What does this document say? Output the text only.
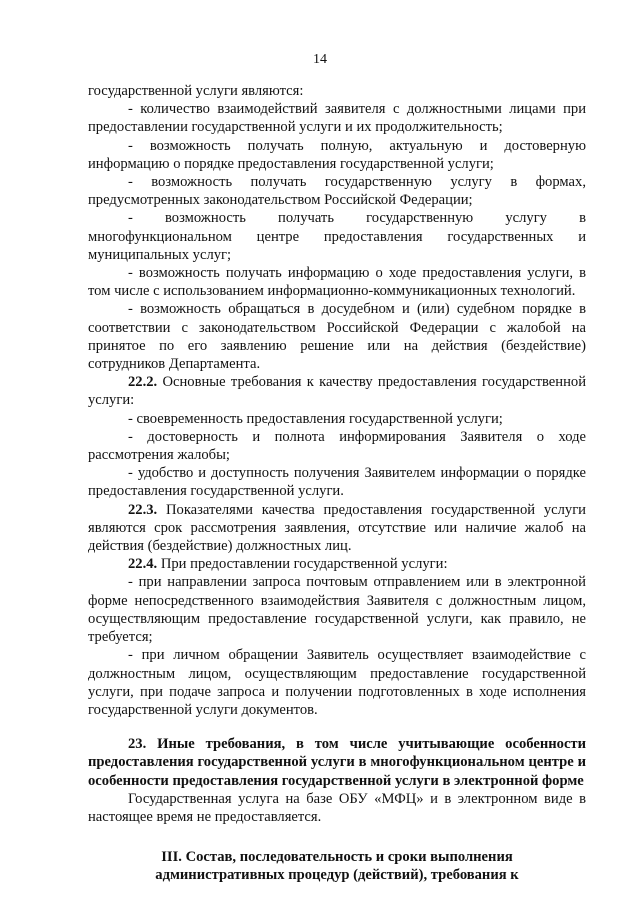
14

государственной услуги являются:

- количество взаимодействий заявителя с должностными лицами при предоставлении государственной услуги и их продолжительность;

- возможность получать полную, актуальную и достоверную информацию о порядке предоставления государственной услуги;

- возможность получать государственную услугу в формах, предусмотренных законодательством Российской Федерации;

- возможность получать государственную услугу в многофункциональном центре предоставления государственных и муниципальных услуг;

- возможность получать информацию о ходе предоставления услуги, в том числе с использованием информационно-коммуникационных технологий.

- возможность обращаться в досудебном и (или) судебном порядке в соответствии с законодательством Российской Федерации с жалобой на принятое по его заявлению решение или на действия (бездействие) сотрудников Департамента.

22.2. Основные требования к качеству предоставления государственной услуги:

- своевременность предоставления государственной услуги;

- достоверность и полнота информирования Заявителя о ходе рассмотрения жалобы;

- удобство и доступность получения Заявителем информации о порядке предоставления государственной услуги.

22.3. Показателями качества предоставления государственной услуги являются срок рассмотрения заявления, отсутствие или наличие жалоб на действия (бездействие) должностных лиц.

22.4. При предоставлении государственной услуги:

- при направлении запроса почтовым отправлением или в электронной форме непосредственного взаимодействия Заявителя с должностным лицом, осуществляющим предоставление государственной услуги, как правило, не требуется;

- при личном обращении Заявитель осуществляет взаимодействие с должностным лицом, осуществляющим предоставление государственной услуги, при подаче запроса и получении подготовленных в ходе исполнения государственной услуги документов.

23. Иные требования, в том числе учитывающие особенности предоставления государственной услуги в многофункциональном центре и особенности предоставления государственной услуги в электронной форме

Государственная услуга на базе ОБУ «МФЦ» и в электронном виде в настоящее время не предоставляется.

III. Состав, последовательность и сроки выполнения

административных процедур (действий), требования к
